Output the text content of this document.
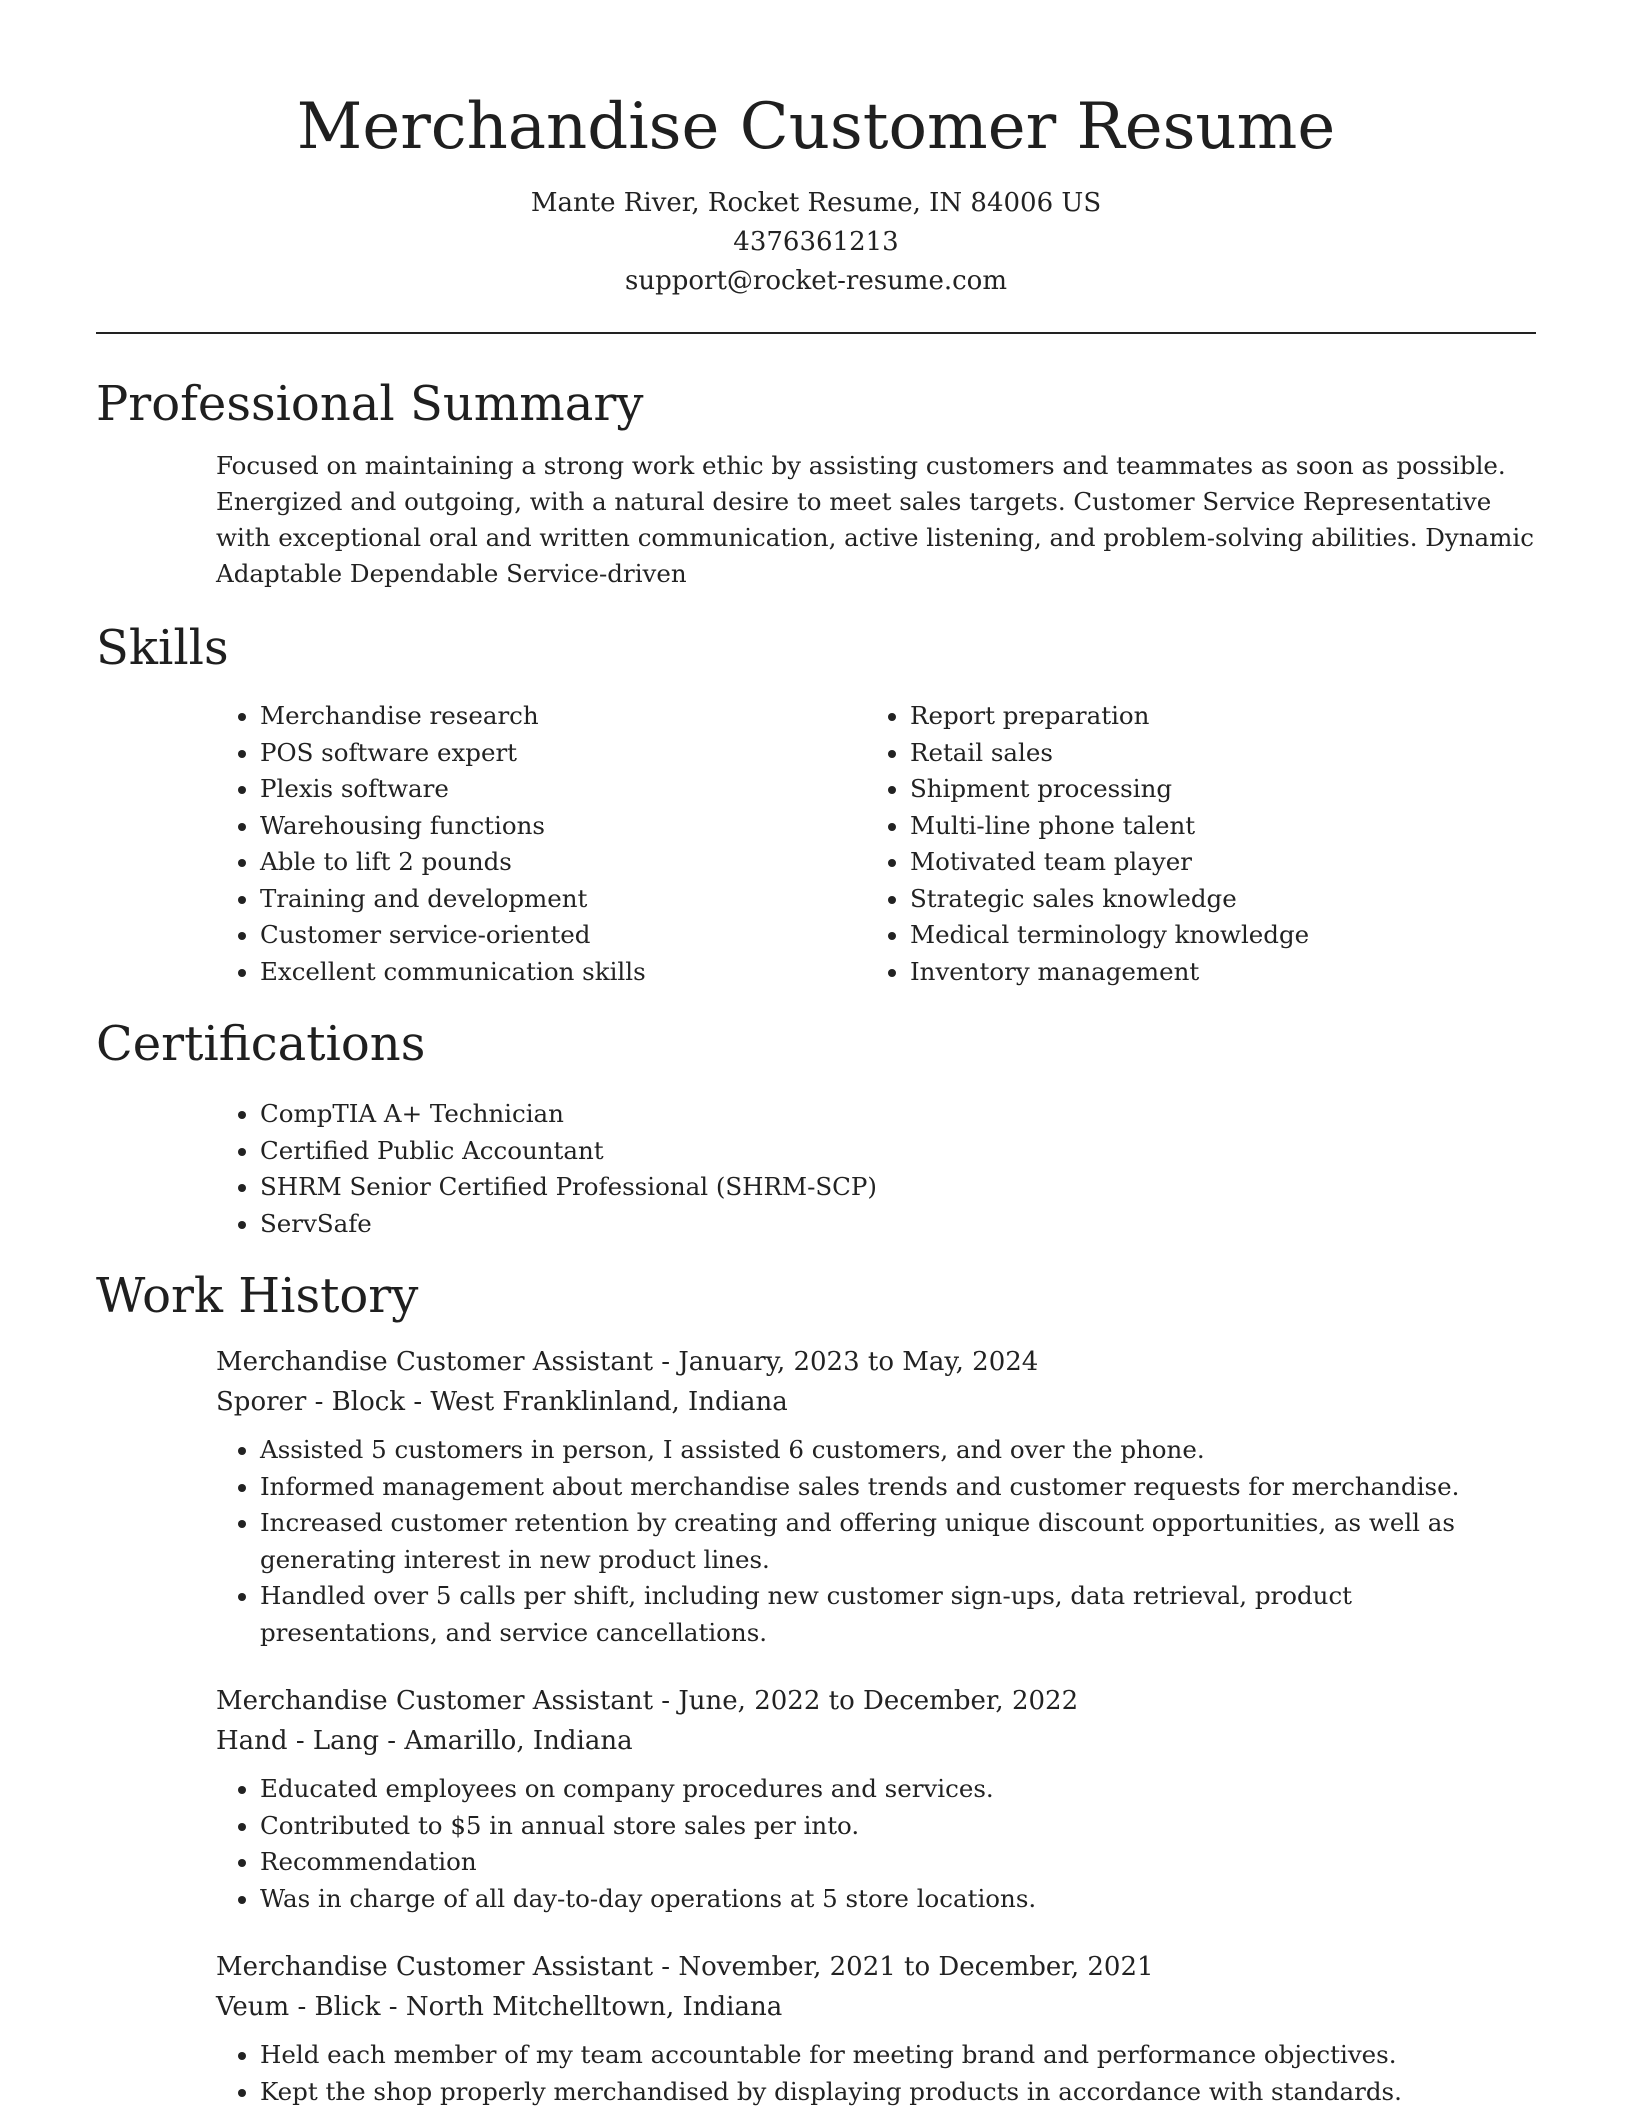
Merchandise Customer Resume
Mante River, Rocket Resume, IN 84006 US
4376361213
support@rocket-resume.com
Professional Summary

Focused on maintaining a strong work ethic by assisting customers and teammates as soon as possible. Energized and outgoing, with a natural desire to meet sales targets. Customer Service Representative with exceptional oral and written communication, active listening, and problem-solving abilities. Dynamic Adaptable Dependable Service-driven

Skills
• Merchandise research
• POS software expert
• Plexis software
• Warehousing functions
• Able to lift 2 pounds
• Training and development
• Customer service-oriented
• Excellent communication skills
• Report preparation
• Retail sales
• Shipment processing
• Multi-line phone talent
• Motivated team player
• Strategic sales knowledge
• Medical terminology knowledge
• Inventory management
Certifications
• CompTIA A+ Technician
• Certified Public Accountant
• SHRM Senior Certified Professional (SHRM-SCP)
• ServSafe
Work History
Merchandise Customer Assistant - January, 2023 to May, 2024
Sporer - Block - West Franklinland, Indiana
• Assisted 5 customers in person, I assisted 6 customers, and over the phone.
• Informed management about merchandise sales trends and customer requests for merchandise.
• Increased customer retention by creating and offering unique discount opportunities, as well as generating interest in new product lines.
• Handled over 5 calls per shift, including new customer sign-ups, data retrieval, product presentations, and service cancellations.
Merchandise Customer Assistant - June, 2022 to December, 2022
Hand - Lang - Amarillo, Indiana
• Educated employees on company procedures and services.
• Contributed to $5 in annual store sales per into.
• Recommendation
• Was in charge of all day-to-day operations at 5 store locations.
Merchandise Customer Assistant - November, 2021 to December, 2021
Veum - Blick - North Mitchelltown, Indiana
• Held each member of my team accountable for meeting brand and performance objectives.
• Kept the shop properly merchandised by displaying products in accordance with standards.
